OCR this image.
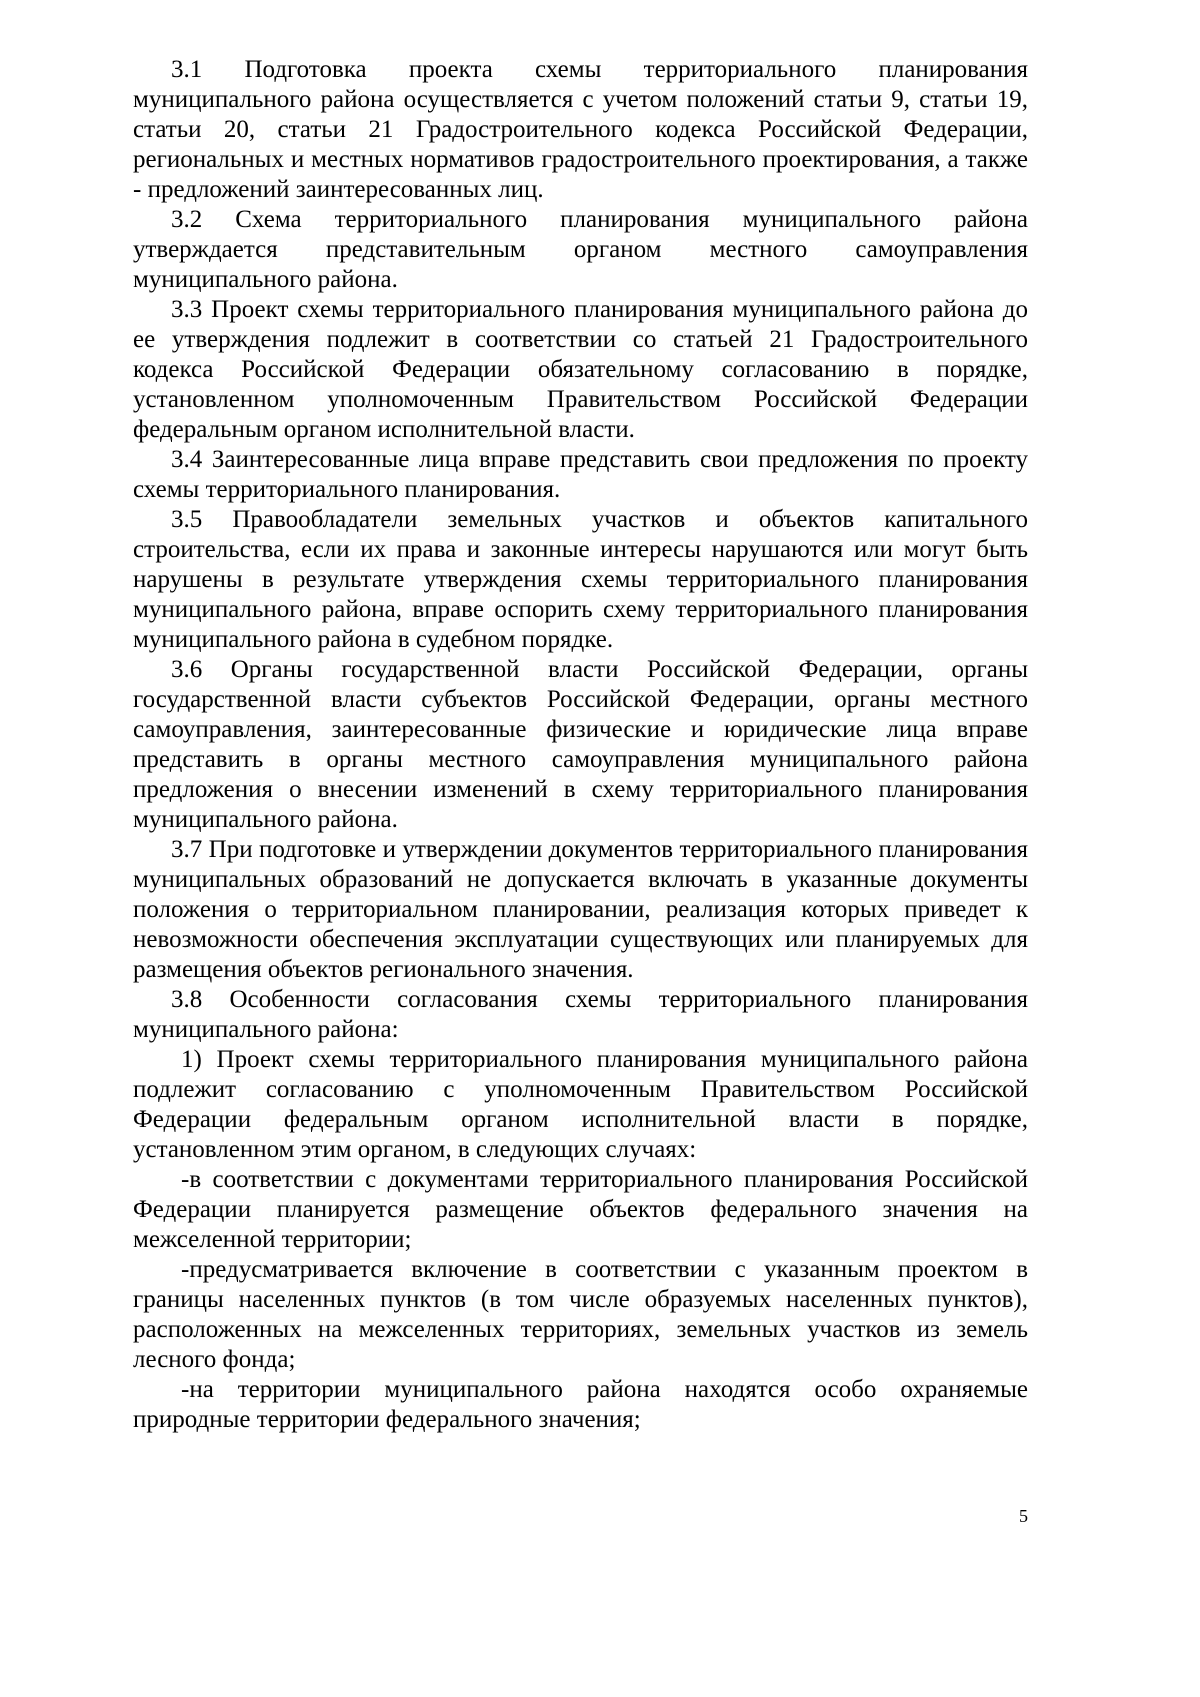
3.1 Подготовка проекта схемы территориального планирования муниципального района осуществляется с учетом положений статьи 9, статьи 19, статьи 20, статьи 21 Градостроительного кодекса Российской Федерации, региональных и местных нормативов градостроительного проектирования, а также - предложений заинтересованных лиц.

3.2 Схема территориального планирования муниципального района утверждается представительным органом местного самоуправления муниципального района.

3.3 Проект схемы территориального планирования муниципального района до ее утверждения подлежит в соответствии со статьей 21 Градостроительного кодекса Российской Федерации обязательному согласованию в порядке, установленном уполномоченным Правительством Российской Федерации федеральным органом исполнительной власти.

3.4 Заинтересованные лица вправе представить свои предложения по проекту схемы территориального планирования.

3.5 Правообладатели земельных участков и объектов капитального строительства, если их права и законные интересы нарушаются или могут быть нарушены в результате утверждения схемы территориального планирования муниципального района, вправе оспорить схему территориального планирования муниципального района в судебном порядке.

3.6 Органы государственной власти Российской Федерации, органы государственной власти субъектов Российской Федерации, органы местного самоуправления, заинтересованные физические и юридические лица вправе представить в органы местного самоуправления муниципального района предложения о внесении изменений в схему территориального планирования муниципального района.

3.7 При подготовке и утверждении документов территориального планирования муниципальных образований не допускается включать в указанные документы положения о территориальном планировании, реализация которых приведет к невозможности обеспечения эксплуатации существующих или планируемых для размещения объектов регионального значения.

3.8 Особенности согласования схемы территориального планирования муниципального района:

1) Проект схемы территориального планирования муниципального района подлежит согласованию с уполномоченным Правительством Российской Федерации федеральным органом исполнительной власти в порядке, установленном этим органом, в следующих случаях:

-в соответствии с документами территориального планирования Российской Федерации планируется размещение объектов федерального значения на межселенной территории;

-предусматривается включение в соответствии с указанным проектом в границы населенных пунктов (в том числе образуемых населенных пунктов), расположенных на межселенных территориях, земельных участков из земель лесного фонда;

-на территории муниципального района находятся особо охраняемые природные территории федерального значения;

5
